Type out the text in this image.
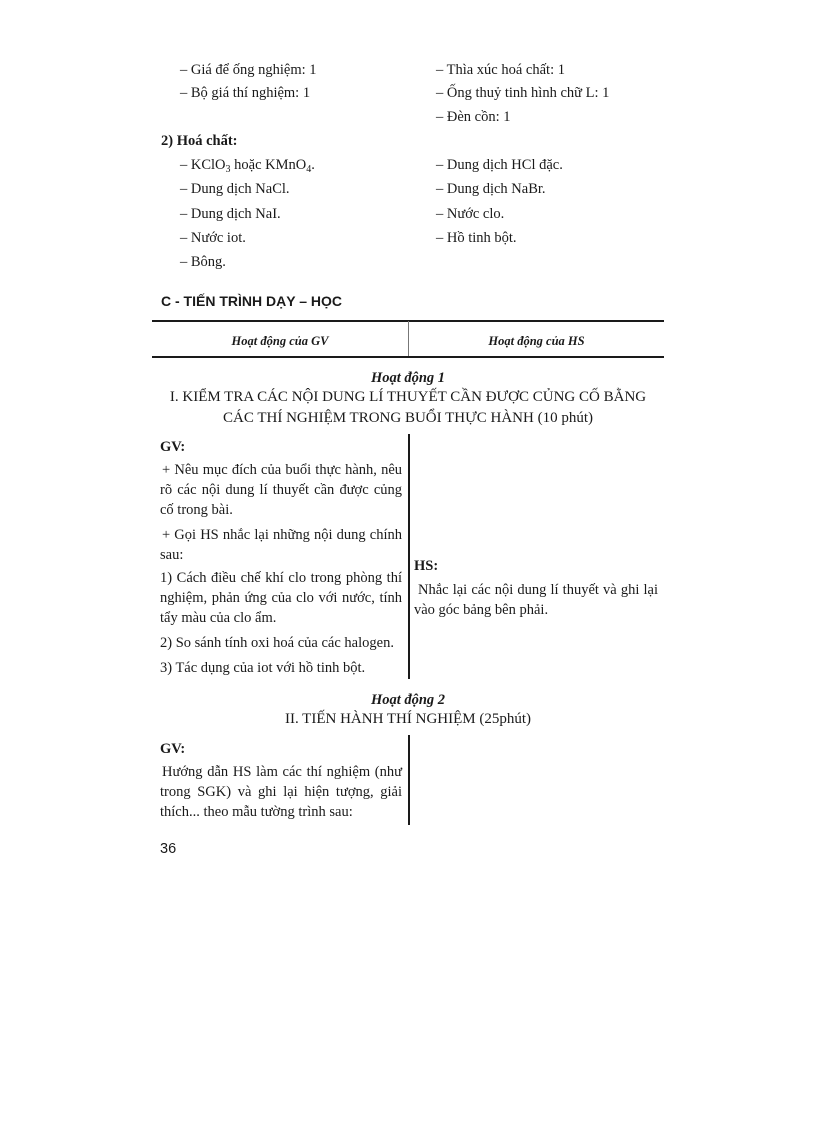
– Giá để ống nghiệm: 1
– Bộ giá thí nghiệm: 1
– Thìa xúc hoá chất: 1
– Ống thuỷ tinh hình chữ L: 1
– Đèn cồn: 1
2) Hoá chất:
– KClO$_3$ hoặc KMnO$_4$.
– Dung dịch NaCl.
– Dung dịch NaI.
– Nước iot.
– Bông.
– Dung dịch HCl đặc.
– Dung dịch NaBr.
– Nước clo.
– Hồ tinh bột.
C - TIẾN TRÌNH DẠY – HỌC
Hoạt động của GV	Hoạt động của HS
Hoạt động 1
I. KIỂM TRA CÁC NỘI DUNG LÍ THUYẾT CẦN ĐƯỢC CỦNG CỐ BẰNG
CÁC THÍ NGHIỆM TRONG BUỔI THỰC HÀNH (10 phút)
GV:
+ Nêu mục đích của buổi thực hành, nêu rõ các nội dung lí thuyết cần được củng cố trong bài.
+ Gọi HS nhắc lại những nội dung chính sau:
1) Cách điều chế khí clo trong phòng thí nghiệm, phản ứng của clo với nước, tính tẩy màu của clo ẩm.
2) So sánh tính oxi hoá của các halogen.
3) Tác dụng của iot với hồ tinh bột.
HS:
Nhắc lại các nội dung lí thuyết và ghi lại vào góc bảng bên phải.
Hoạt động 2
II. TIẾN HÀNH THÍ NGHIỆM (25phút)
GV:
Hướng dẫn HS làm các thí nghiệm (như trong SGK) và ghi lại hiện tượng, giải thích... theo mẫu tường trình sau:
36
